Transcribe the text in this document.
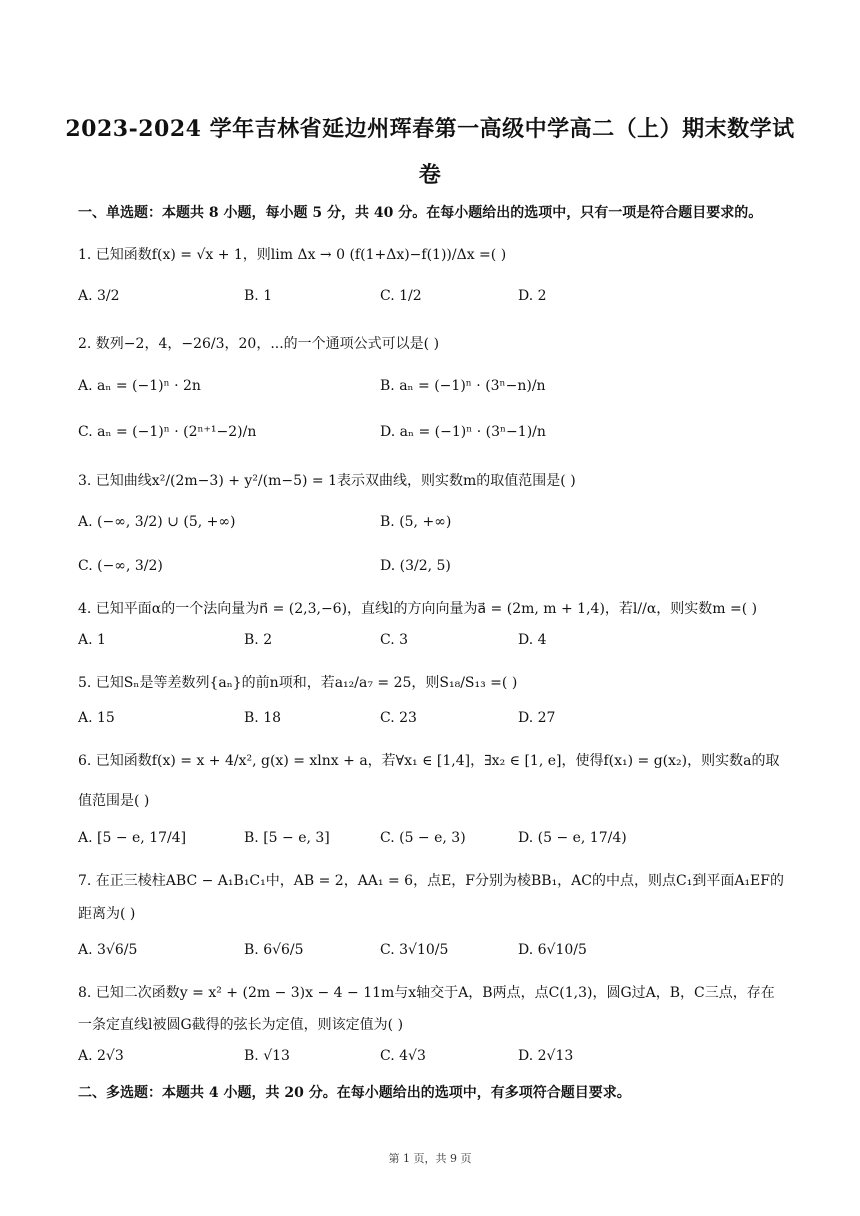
2023-2024 学年吉林省延边州珲春第一高级中学高二（上）期末数学试
卷
一、单选题：本题共 8 小题，每小题 5 分，共 40 分。在每小题给出的选项中，只有一项是符合题目要求的。
1. 已知函数f(x) = √x + 1，则lim Δx → 0 (f(1+Δx)−f(1))/Δx =( )
A. 3/2	B. 1	C. 1/2	D. 2
2. 数列−2，4，−26/3，20，...的一个通项公式可以是( )
A. aₙ = (−1)ⁿ · 2n	B. aₙ = (−1)ⁿ · (3ⁿ−n)/n
C. aₙ = (−1)ⁿ · (2ⁿ⁺¹−2)/n	D. aₙ = (−1)ⁿ · (3ⁿ−1)/n
3. 已知曲线x²/(2m−3) + y²/(m−5) = 1表示双曲线，则实数m的取值范围是( )
A. (−∞, 3/2) ∪ (5, +∞)	B. (5, +∞)
C. (−∞, 3/2)	D. (3/2, 5)
4. 已知平面α的一个法向量为n⃗ = (2,3,−6)，直线l的方向向量为a⃗ = (2m, m + 1,4)，若l//α，则实数m =( )
A. 1	B. 2	C. 3	D. 4
5. 已知Sₙ是等差数列{aₙ}的前n项和，若a₁₂/a₇ = 25，则S₁₈/S₁₃ =( )
A. 15	B. 18	C. 23	D. 27
6. 已知函数f(x) = x + 4/x², g(x) = xlnx + a，若∀x₁ ∈ [1,4]，∃x₂ ∈ [1, e]，使得f(x₁) = g(x₂)，则实数a的取
值范围是( )
A. [5 − e, 17/4]	B. [5 − e, 3]	C. (5 − e, 3)	D. (5 − e, 17/4)
7. 在正三棱柱ABC − A₁B₁C₁中，AB = 2，AA₁ = 6，点E，F分别为棱BB₁，AC的中点，则点C₁到平面A₁EF的
距离为( )
A. 3√6/5	B. 6√6/5	C. 3√10/5	D. 6√10/5
8. 已知二次函数y = x² + (2m − 3)x − 4 − 11m与x轴交于A，B两点，点C(1,3)，圆G过A，B，C三点，存在
一条定直线l被圆G截得的弦长为定值，则该定值为( )
A. 2√3	B. √13	C. 4√3	D. 2√13
二、多选题：本题共 4 小题，共 20 分。在每小题给出的选项中，有多项符合题目要求。
第 1 页，共 9 页
